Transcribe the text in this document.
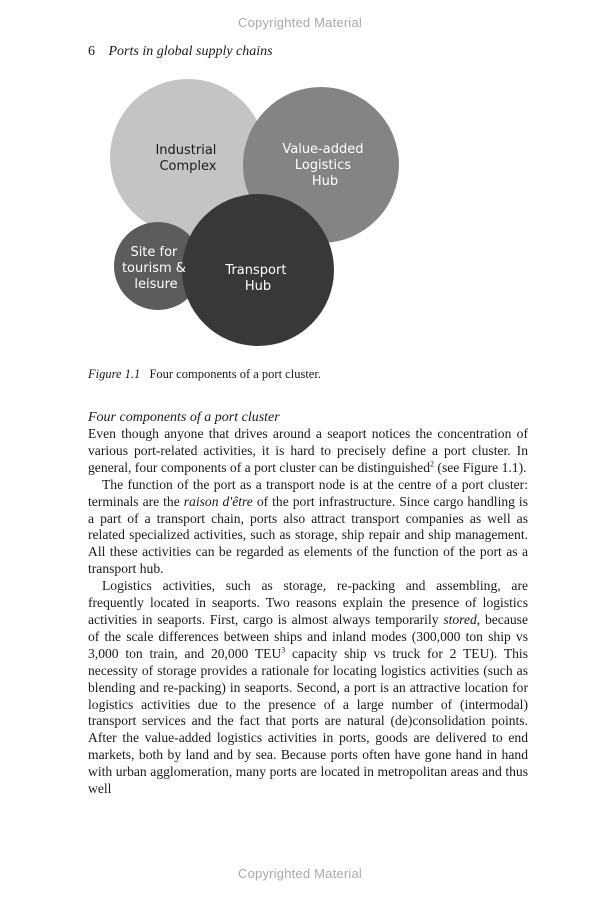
Copyrighted Material
6 Ports in global supply chains
Industrial Complex
Value-added Logistics Hub
Site for tourism & leisure
Transport Hub
Figure 1.1 Four components of a port cluster.
Four components of a port cluster

Even though anyone that drives around a seaport notices the concentration of various port-related activities, it is hard to precisely define a port cluster. In general, four components of a port cluster can be distinguished$^2$ (see Figure 1.1).

The function of the port as a transport node is at the centre of a port cluster: terminals are the raison d'être of the port infrastructure. Since cargo handling is a part of a transport chain, ports also attract transport companies as well as related specialized activities, such as storage, ship repair and ship management. All these activities can be regarded as elements of the function of the port as a transport hub.

Logistics activities, such as storage, re-packing and assembling, are frequently located in seaports. Two reasons explain the presence of logistics activities in seaports. First, cargo is almost always temporarily stored, because of the scale differences between ships and inland modes (300,000 ton ship vs 3,000 ton train, and 20,000 TEU$^3$ capacity ship vs truck for 2 TEU). This necessity of storage provides a rationale for locating logistics activities (such as blending and re-packing) in seaports. Second, a port is an attractive location for logistics activities due to the presence of a large number of (intermodal) transport services and the fact that ports are natural (de)consolidation points. After the value-added logistics activities in ports, goods are delivered to end markets, both by land and by sea. Because ports often have gone hand in hand with urban agglomeration, many ports are located in metropolitan areas and thus well

Copyrighted Material
